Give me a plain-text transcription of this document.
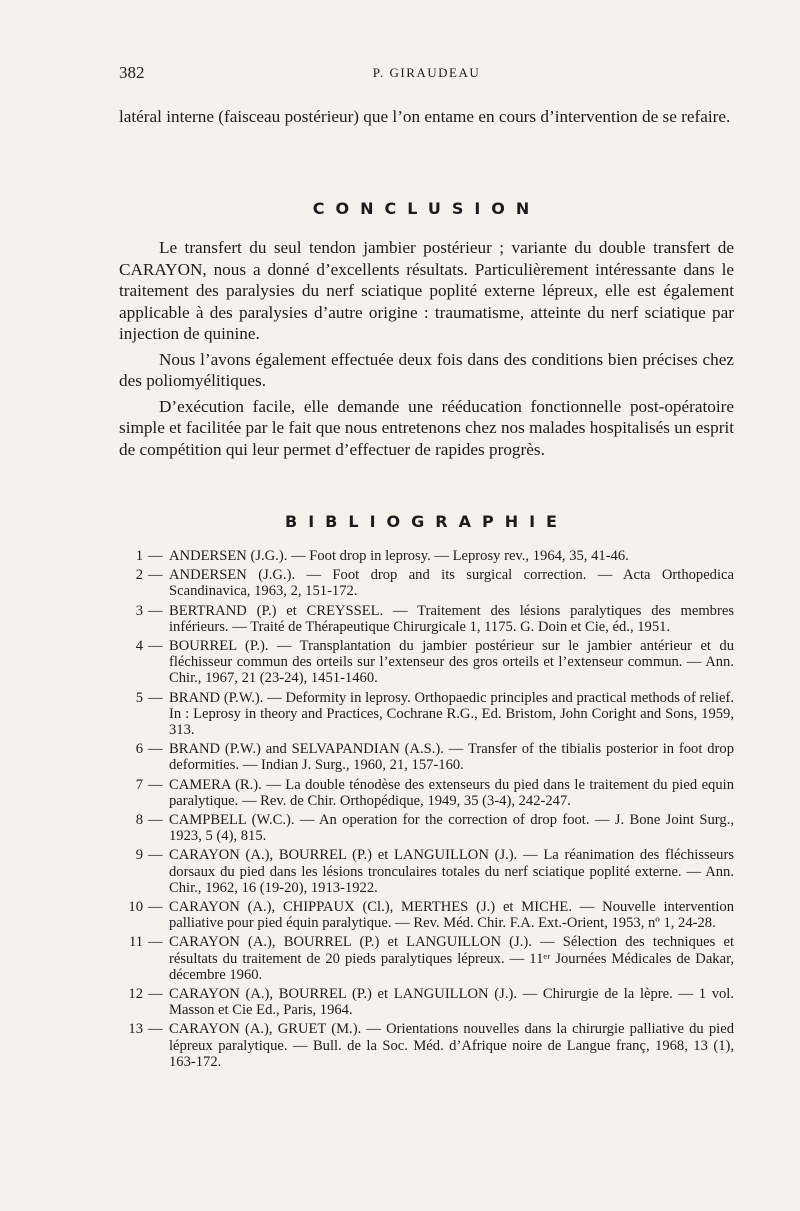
382	P. GIRAUDEAU

latéral interne (faisceau postérieur) que l’on entame en cours d’intervention de se refaire.

CONCLUSION

Le transfert du seul tendon jambier postérieur ; variante du double transfert de CARAYON, nous a donné d’excellents résultats. Particulièrement intéressante dans le traitement des paralysies du nerf sciatique poplité externe lépreux, elle est également applicable à des paralysies d’autre origine : traumatisme, atteinte du nerf sciatique par injection de quinine.

Nous l’avons également effectuée deux fois dans des conditions bien précises chez des poliomyélitiques.

D’exécution facile, elle demande une rééducation fonctionnelle post-opératoire simple et facilitée par le fait que nous entretenons chez nos malades hospitalisés un esprit de compétition qui leur permet d’effectuer de rapides progrès.

BIBLIOGRAPHIE
1 — ANDERSEN (J.G.). — Foot drop in leprosy. — Leprosy rev., 1964, 35, 41-46.
2 — ANDERSEN (J.G.). — Foot drop and its surgical correction. — Acta Orthopedica Scandinavica, 1963, 2, 151-172.
3 — BERTRAND (P.) et CREYSSEL. — Traitement des lésions paralytiques des membres inférieurs. — Traité de Thérapeutique Chirurgicale 1, 1175. G. Doin et Cie, éd., 1951.
4 — BOURREL (P.). — Transplantation du jambier postérieur sur le jambier antérieur et du fléchisseur commun des orteils sur l’extenseur des gros orteils et l’extenseur commun. — Ann. Chir., 1967, 21 (23-24), 1451-1460.
5 — BRAND (P.W.). — Deformity in leprosy. Orthopaedic principles and practical methods of relief. In : Leprosy in theory and Practices, Cochrane R.G., Ed. Bristom, John Coright and Sons, 1959, 313.
6 — BRAND (P.W.) and SELVAPANDIAN (A.S.). — Transfer of the tibialis posterior in foot drop deformities. — Indian J. Surg., 1960, 21, 157-160.
7 — CAMERA (R.). — La double ténodèse des extenseurs du pied dans le traitement du pied equin paralytique. — Rev. de Chir. Orthopédique, 1949, 35 (3-4), 242-247.
8 — CAMPBELL (W.C.). — An operation for the correction of drop foot. — J. Bone Joint Surg., 1923, 5 (4), 815.
9 — CARAYON (A.), BOURREL (P.) et LANGUILLON (J.). — La réanimation des fléchisseurs dorsaux du pied dans les lésions tronculaires totales du nerf sciatique poplité externe. — Ann. Chir., 1962, 16 (19-20), 1913-1922.
10 — CARAYON (A.), CHIPPAUX (Cl.), MERTHES (J.) et MICHE. — Nouvelle intervention palliative pour pied équin paralytique. — Rev. Méd. Chir. F.A. Ext.-Orient, 1953, nº 1, 24-28.
11 — CARAYON (A.), BOURREL (P.) et LANGUILLON (J.). — Sélection des techniques et résultats du traitement de 20 pieds paralytiques lépreux. — 11ᵉʳ Journées Médicales de Dakar, décembre 1960.
12 — CARAYON (A.), BOURREL (P.) et LANGUILLON (J.). — Chirurgie de la lèpre. — 1 vol. Masson et Cie Ed., Paris, 1964.
13 — CARAYON (A.), GRUET (M.). — Orientations nouvelles dans la chirurgie palliative du pied lépreux paralytique. — Bull. de la Soc. Méd. d’Afrique noire de Langue franç, 1968, 13 (1), 163-172.
